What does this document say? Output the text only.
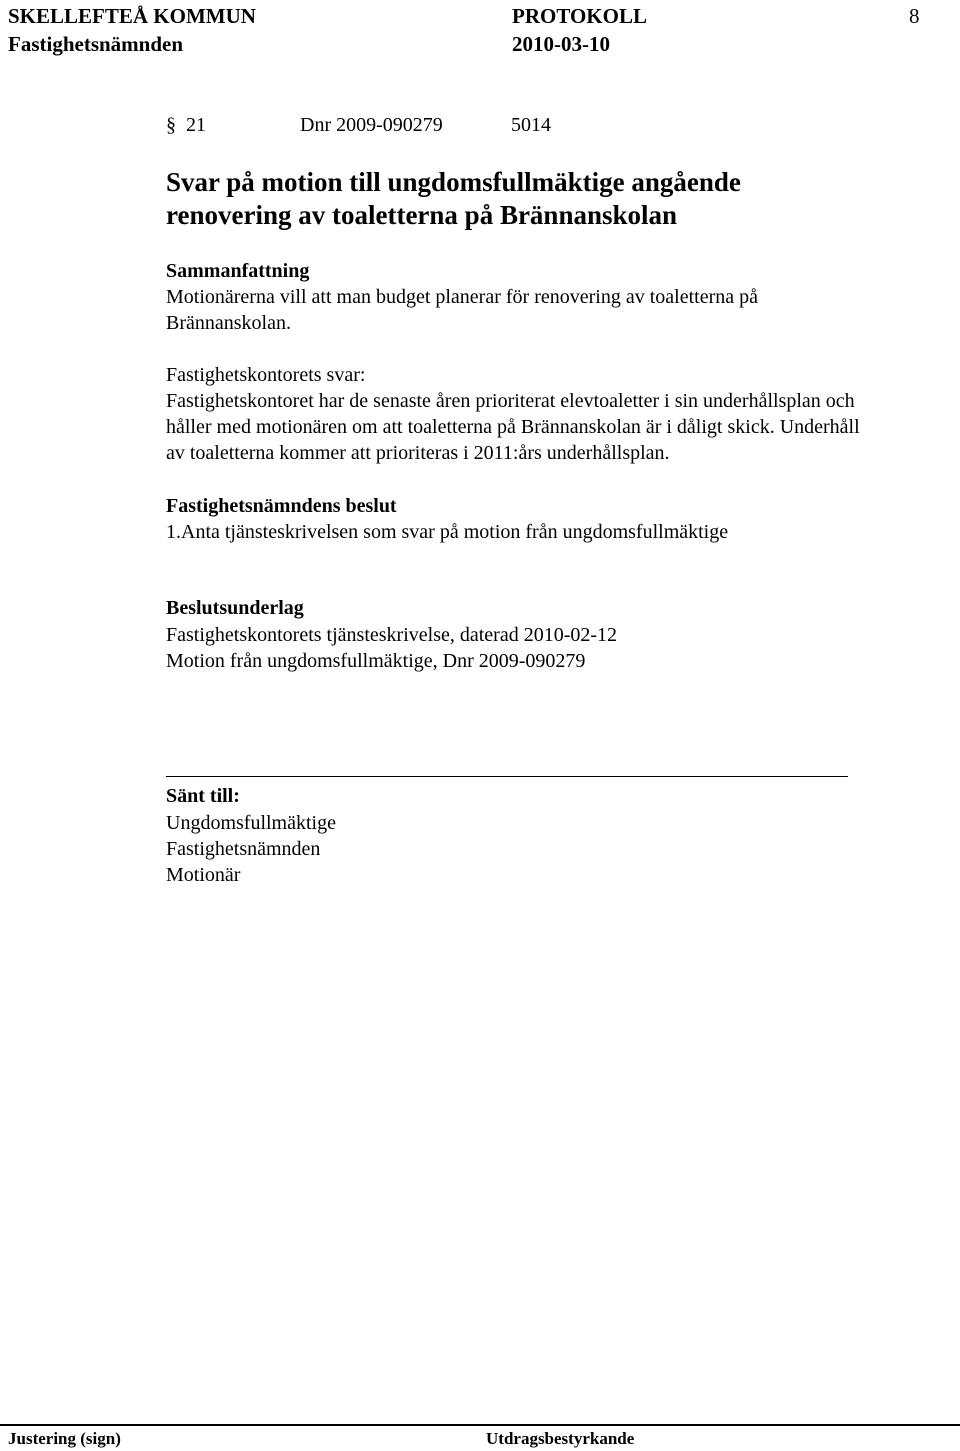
SKELLEFTEÅ KOMMUN	PROTOKOLL	8
Fastighetsnämnden	2010-03-10
§ 21	Dnr 2009-090279	5014
Svar på motion till ungdomsfullmäktige angående
renovering av toaletterna på Brännanskolan
Sammanfattning
Motionärerna vill att man budget planerar för renovering av toaletterna på
Brännanskolan.
Fastighetskontorets svar:
Fastighetskontoret har de senaste åren prioriterat elevtoaletter i sin underhållsplan och
håller med motionären om att toaletterna på Brännanskolan är i dåligt skick. Underhåll
av toaletterna kommer att prioriteras i 2011:års underhållsplan.
Fastighetsnämndens beslut
1.Anta tjänsteskrivelsen som svar på motion från ungdomsfullmäktige
Beslutsunderlag
Fastighetskontorets tjänsteskrivelse, daterad 2010-02-12
Motion från ungdomsfullmäktige, Dnr 2009-090279
Sänt till:
Ungdomsfullmäktige
Fastighetsnämnden
Motionär
Justering (sign)	Utdragsbestyrkande
